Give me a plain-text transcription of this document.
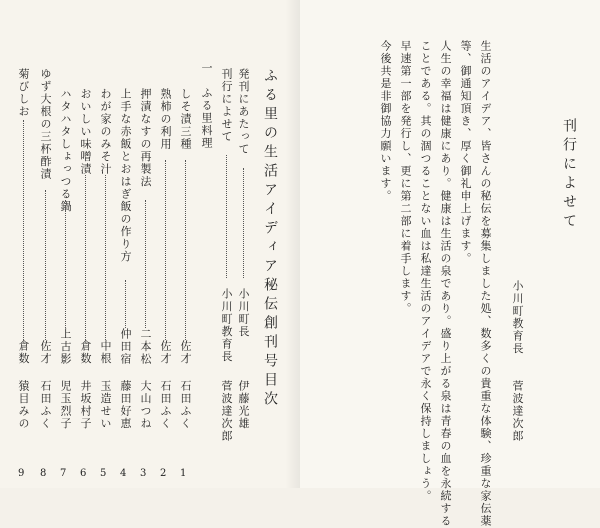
ふる里の生活アイディア秘伝創刊号目次
発刊にあたって
小川町長
伊藤光雄
刊行によせて
小川町教育長
菅波達次郎
一　ふる里料理
しそ漬三種
佐才
石田ふく
1
熟柿の利用
佐才
石田ふく
2
押漬なすの再製法
二本松
大山つね
3
上手な赤飯とおはぎ飯の作り方
仲田宿
藤田好恵
4
わが家のみそ汁
中根
玉造せい
5
おいしい味噌漬
倉数
井坂村子
6
ハタハタしょっつる鍋
上古影
児玉烈子
7
ゆず大根の三杯酢漬
佐才
石田ふく
8
菊びしお
倉数
猿目みの
9
刊行によせて
小川町教育長
菅波達次郎
生活のアイデア、皆さんの秘伝を募集しました処、数多くの貴重な体験、珍重な家伝薬
等、御通知頂き、厚く御礼申上げます。
人生の幸福は健康にあり。健康は生活の泉であり。盛り上がる泉は青春の血を永続する
ことである。其の涸つることない血は私達生活のアイデアで永く保持しましょう。
早速第一部を発行し、更に第二部に着手します。
今後共是非御協力願います。
